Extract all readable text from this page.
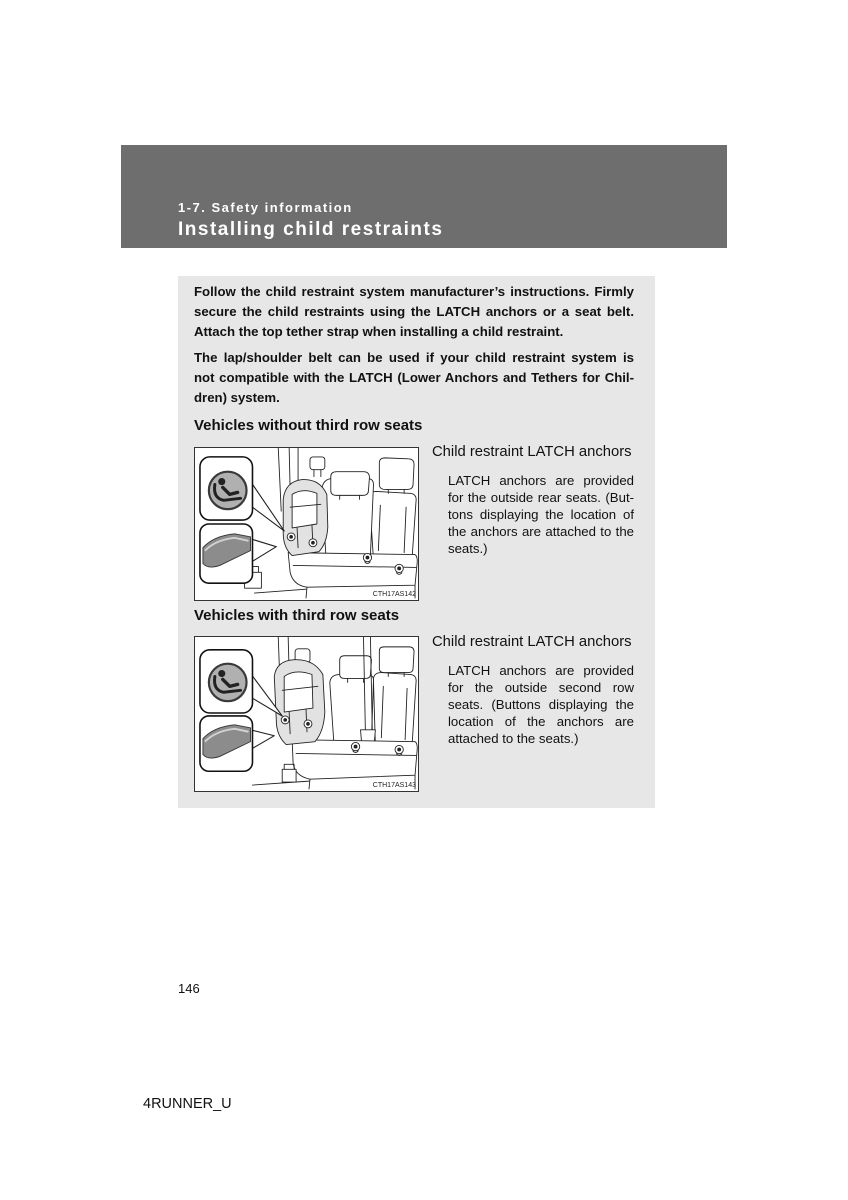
1-7. Safety information
Installing child restraints
Follow the child restraint system manufacturer’s instructions. Firmly
secure the child restraints using the LATCH anchors or a seat belt.
Attach the top tether strap when installing a child restraint.
The lap/shoulder belt can be used if your child restraint system is
not compatible with the LATCH (Lower Anchors and Tethers for Chil-
dren) system.
Vehicles without third row seats
CTH17AS142
Child restraint LATCH anchors
LATCH anchors are provided
for the outside rear seats. (But-
tons displaying the location of
the anchors are attached to the
seats.)
Vehicles with third row seats
CTH17AS143
Child restraint LATCH anchors
LATCH anchors are provided
for the outside second row
seats. (Buttons displaying the
location of the anchors are
attached to the seats.)
146
4RUNNER_U
